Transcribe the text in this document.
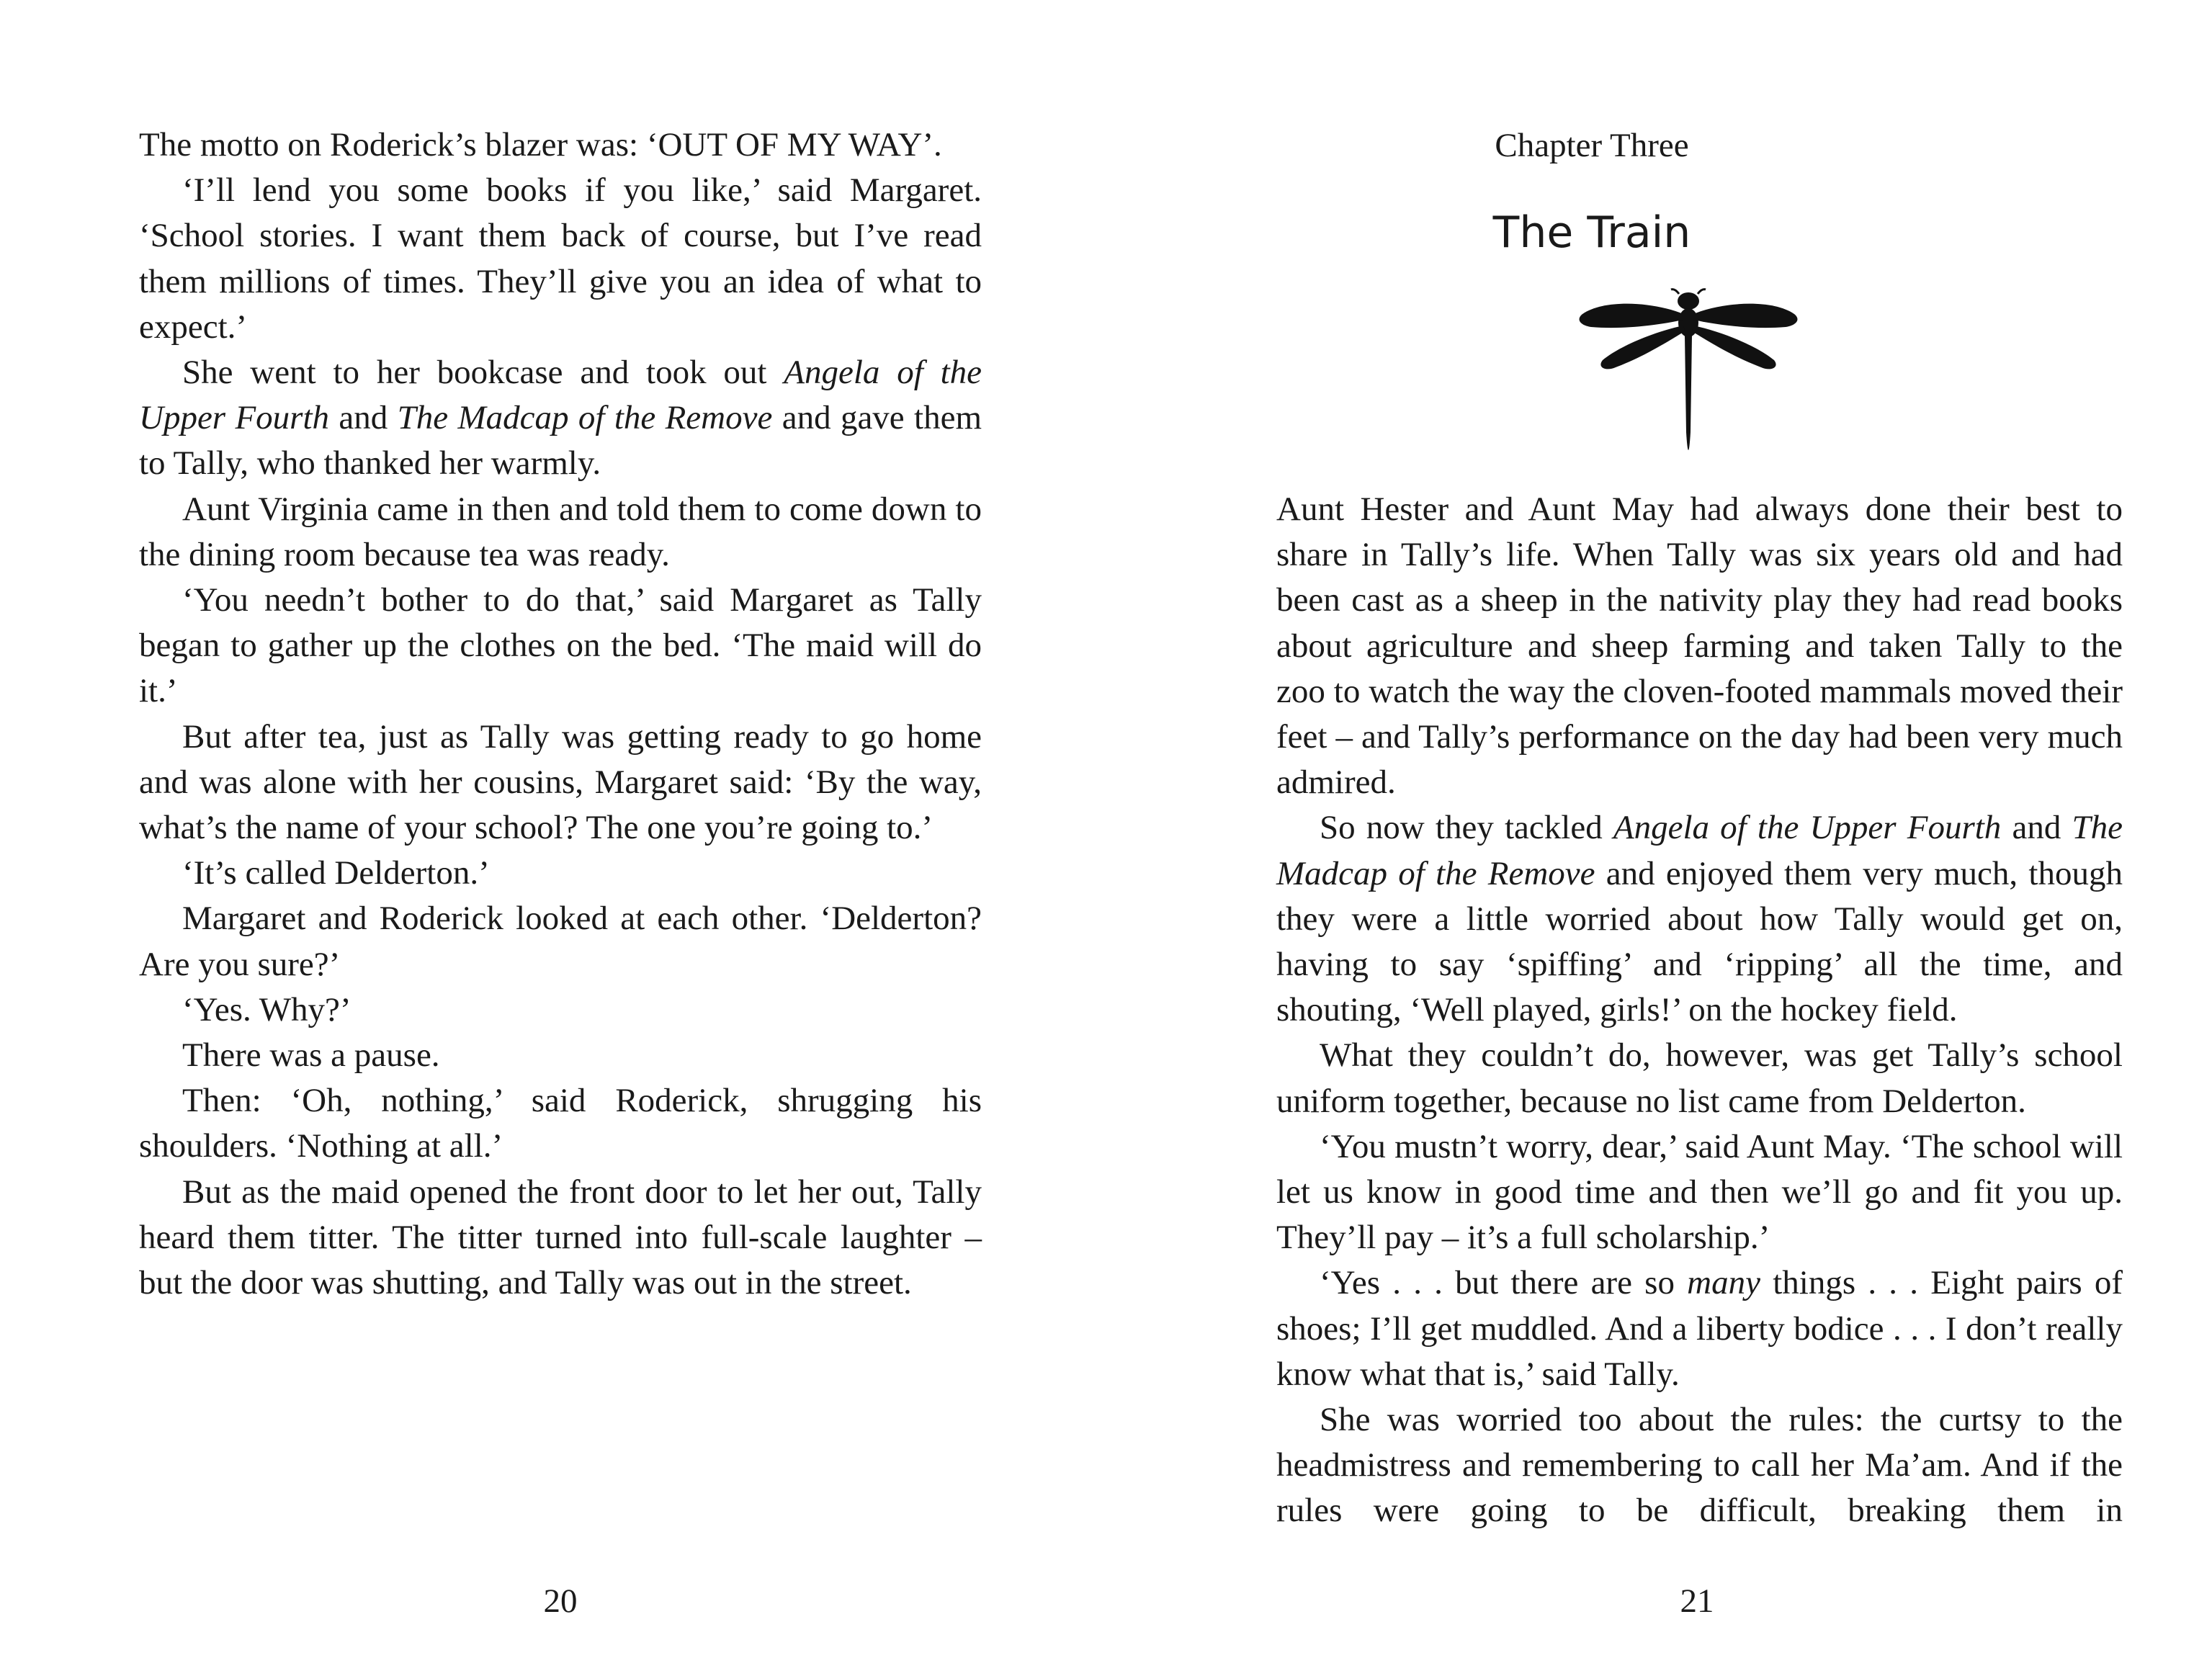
The motto on Roderick’s blazer was: ‘OUT OF MY WAY’.
‘I’ll lend you some books if you like,’ said Margaret. ‘School stories. I want them back of course, but I’ve read them millions of times. They’ll give you an idea of what to expect.’
She went to her bookcase and took out Angela of the Upper Fourth and The Madcap of the Remove and gave them to Tally, who thanked her warmly.
Aunt Virginia came in then and told them to come down to the dining room because tea was ready.
‘You needn’t bother to do that,’ said Margaret as Tally began to gather up the clothes on the bed. ‘The maid will do it.’
But after tea, just as Tally was getting ready to go home and was alone with her cousins, Margaret said: ‘By the way, what’s the name of your school? The one you’re going to.’
‘It’s called Delderton.’
Margaret and Roderick looked at each other. ‘Delderton? Are you sure?’
‘Yes. Why?’
There was a pause.
Then: ‘Oh, nothing,’ said Roderick, shrugging his shoulders. ‘Nothing at all.’
But as the maid opened the front door to let her out, Tally heard them titter. The titter turned into full-scale laughter – but the door was shutting, and Tally was out in the street.
20
Chapter Three
The Train
Aunt Hester and Aunt May had always done their best to share in Tally’s life. When Tally was six years old and had been cast as a sheep in the nativity play they had read books about agriculture and sheep farming and taken Tally to the zoo to watch the way the cloven-footed mammals moved their feet – and Tally’s performance on the day had been very much admired.
So now they tackled Angela of the Upper Fourth and The Madcap of the Remove and enjoyed them very much, though they were a little worried about how Tally would get on, having to say ‘spiffing’ and ‘ripping’ all the time, and shouting, ‘Well played, girls!’ on the hockey field.
What they couldn’t do, however, was get Tally’s school uniform together, because no list came from Delderton.
‘You mustn’t worry, dear,’ said Aunt May. ‘The school will let us know in good time and then we’ll go and fit you up. They’ll pay – it’s a full scholarship.’
‘Yes . . . but there are so many things . . . Eight pairs of shoes; I’ll get muddled. And a liberty bodice . . . I don’t really know what that is,’ said Tally.
She was worried too about the rules: the curtsy to the headmistress and remembering to call her Ma’am. And if the rules were going to be difficult, breaking them in
21
